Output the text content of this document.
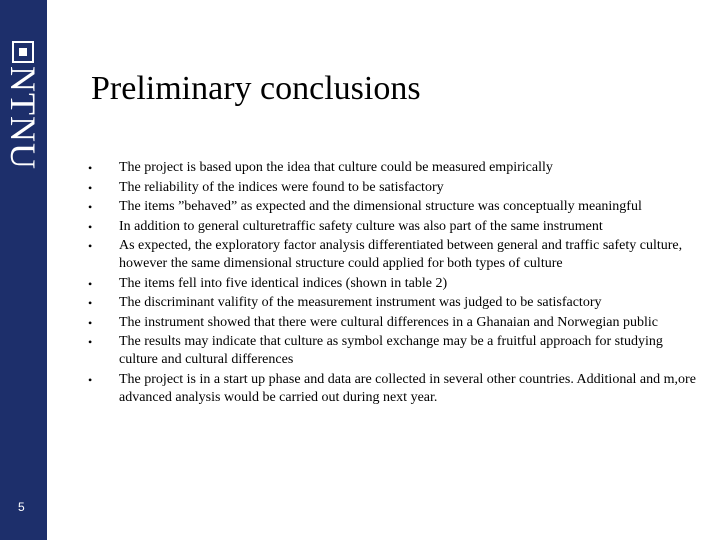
NTNU
5
Preliminary conclusions
• The project is based upon the idea that culture could be measured empirically
• The reliability of the indices were found to be satisfactory
• The items ”behaved” as expected and the dimensional structure was conceptually meaningful
• In addition to general culturetraffic safety culture was also part of the same instrument
• As expected, the exploratory factor analysis differentiated between general and traffic safety culture, however the same dimensional structure could applied for both types of culture
• The items fell into five identical indices (shown in table 2)
• The discriminant valifity of the measurement instrument was judged to be satisfactory
• The instrument showed that there were cultural differences in a Ghanaian and Norwegian public
• The results may indicate that culture as symbol exchange may be a fruitful approach for studying culture and cultural differences
• The project is in a start up phase and data are collected in several other countries. Additional and m,ore advanced analysis would be carried out during next year.
